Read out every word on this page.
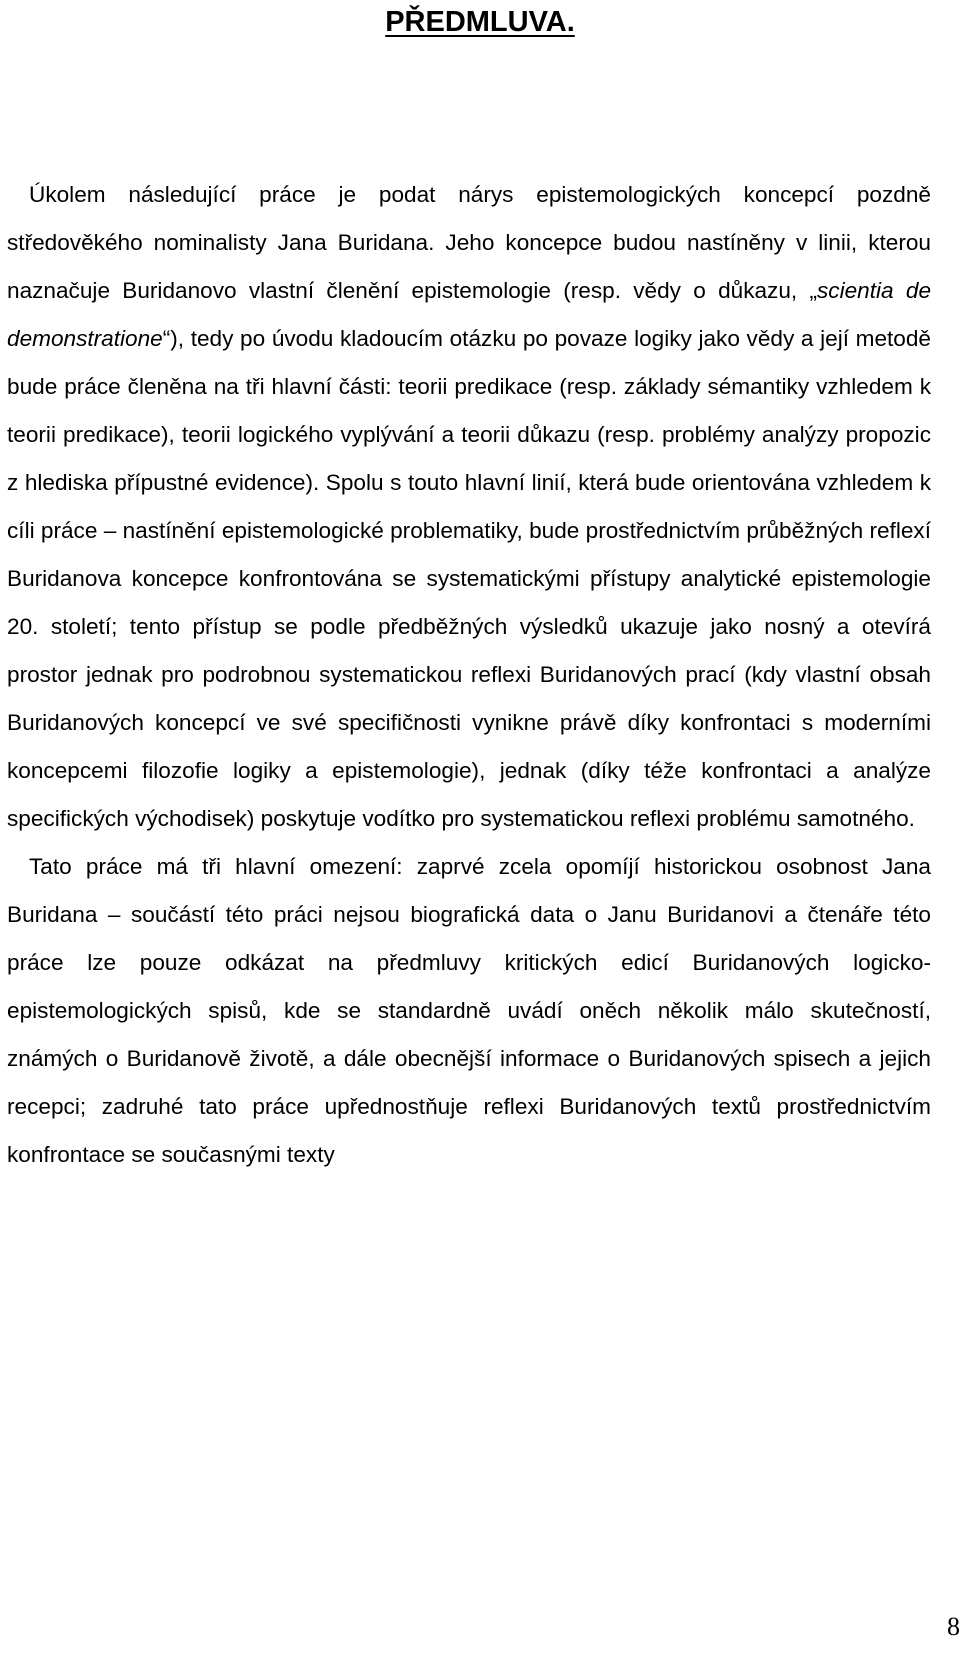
PŘEDMLUVA.

Úkolem následující práce je podat nárys epistemologických koncepcí pozdně středověkého nominalisty Jana Buridana. Jeho koncepce budou nastíněny v linii, kterou naznačuje Buridanovo vlastní členění epistemologie (resp. vědy o důkazu, „scientia de demonstratione“), tedy po úvodu kladoucím otázku po povaze logiky jako vědy a její metodě bude práce členěna na tři hlavní části: teorii predikace (resp. základy sémantiky vzhledem k teorii predikace), teorii logického vyplývání a teorii důkazu (resp. problémy analýzy propozic z hlediska přípustné evidence). Spolu s touto hlavní linií, která bude orientována vzhledem k cíli práce – nastínění epistemologické problematiky, bude prostřednictvím průběžných reflexí Buridanova koncepce konfrontována se systematickými přístupy analytické epistemologie 20. století; tento přístup se podle předběžných výsledků ukazuje jako nosný a otevírá prostor jednak pro podrobnou systematickou reflexi Buridanových prací (kdy vlastní obsah Buridanových koncepcí ve své specifičnosti vynikne právě díky konfrontaci s moderními koncepcemi filozofie logiky a epistemologie), jednak (díky téže konfrontaci a analýze specifických východisek) poskytuje vodítko pro systematickou reflexi problému samotného.

Tato práce má tři hlavní omezení: zaprvé zcela opomíjí historickou osobnost Jana Buridana – součástí této práci nejsou biografická data o Janu Buridanovi a čtenáře této práce lze pouze odkázat na předmluvy kritických edicí Buridanových logicko-epistemologických spisů, kde se standardně uvádí oněch několik málo skutečností, známých o Buridanově životě, a dále obecnější informace o Buridanových spisech a jejich recepci; zadruhé tato práce upřednostňuje reflexi Buridanových textů prostřednictvím konfrontace se současnými texty

8
